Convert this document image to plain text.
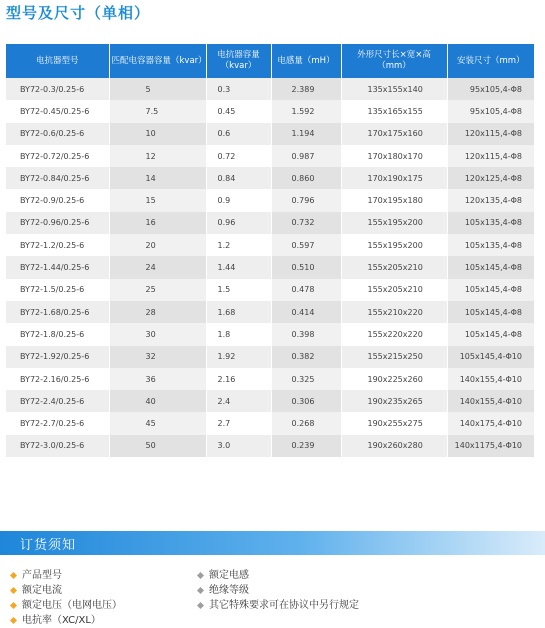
型号及尺寸（单相）
电抗器型号	匹配电容器容量（kvar）	电抗器容量（kvar）	电感量（mH）	外形尺寸长×宽×高（mm）	安装尺寸（mm）
BY72-0.3/0.25-6	5	0.3	2.389	135x155x140	95x105,4-Φ8
BY72-0.45/0.25-6	7.5	0.45	1.592	135x165x155	95x105,4-Φ8
BY72-0.6/0.25-6	10	0.6	1.194	170x175x160	120x115,4-Φ8
BY72-0.72/0.25-6	12	0.72	0.987	170x180x170	120x115,4-Φ8
BY72-0.84/0.25-6	14	0.84	0.860	170x190x175	120x125,4-Φ8
BY72-0.9/0.25-6	15	0.9	0.796	170x195x180	120x135,4-Φ8
BY72-0.96/0.25-6	16	0.96	0.732	155x195x200	105x135,4-Φ8
BY72-1.2/0.25-6	20	1.2	0.597	155x195x200	105x135,4-Φ8
BY72-1.44/0.25-6	24	1.44	0.510	155x205x210	105x145,4-Φ8
BY72-1.5/0.25-6	25	1.5	0.478	155x205x210	105x145,4-Φ8
BY72-1.68/0.25-6	28	1.68	0.414	155x210x220	105x145,4-Φ8
BY72-1.8/0.25-6	30	1.8	0.398	155x220x220	105x145,4-Φ8
BY72-1.92/0.25-6	32	1.92	0.382	155x215x250	105x145,4-Φ10
BY72-2.16/0.25-6	36	2.16	0.325	190x225x260	140x155,4-Φ10
BY72-2.4/0.25-6	40	2.4	0.306	190x235x265	140x155,4-Φ10
BY72-2.7/0.25-6	45	2.7	0.268	190x255x275	140x175,4-Φ10
BY72-3.0/0.25-6	50	3.0	0.239	190x260x280	140x1175,4-Φ10
订货须知
产品型号
额定电流
额定电压（电网电压）
电抗率（XC/XL）
额定电感
绝缘等级
其它特殊要求可在协议中另行规定
